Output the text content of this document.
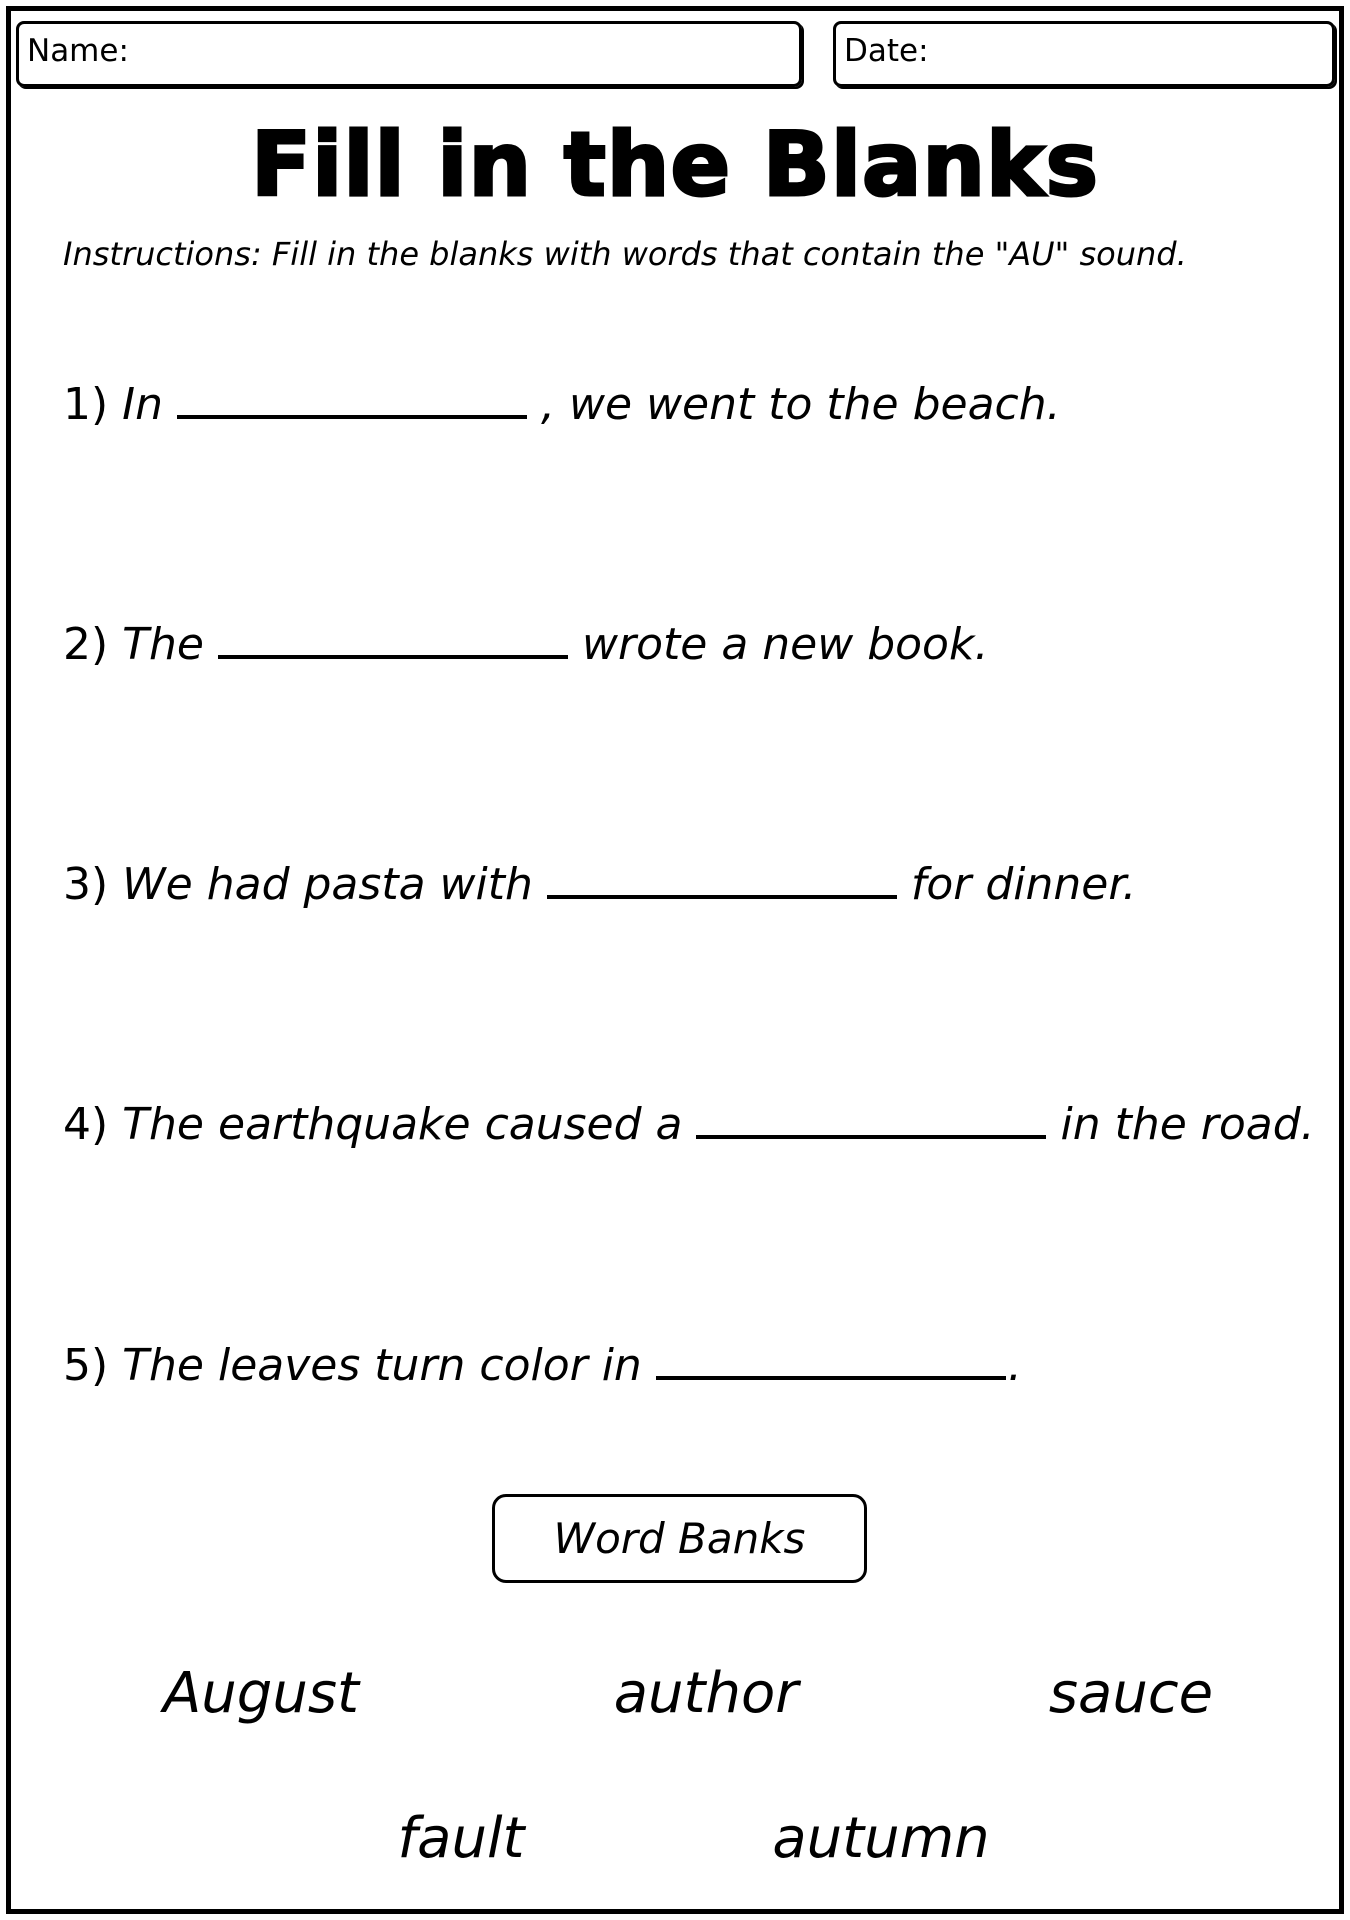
Name:	Date:
Fill in the Blanks
Instructions: Fill in the blanks with words that contain the "AU" sound.
1) In	, we went to the beach.
2) The	wrote a new book.
3) We had pasta with	for dinner.
4) The earthquake caused a	in the road.
5) The leaves turn color in	.
Word Banks
August	author	sauce
fault	autumn
